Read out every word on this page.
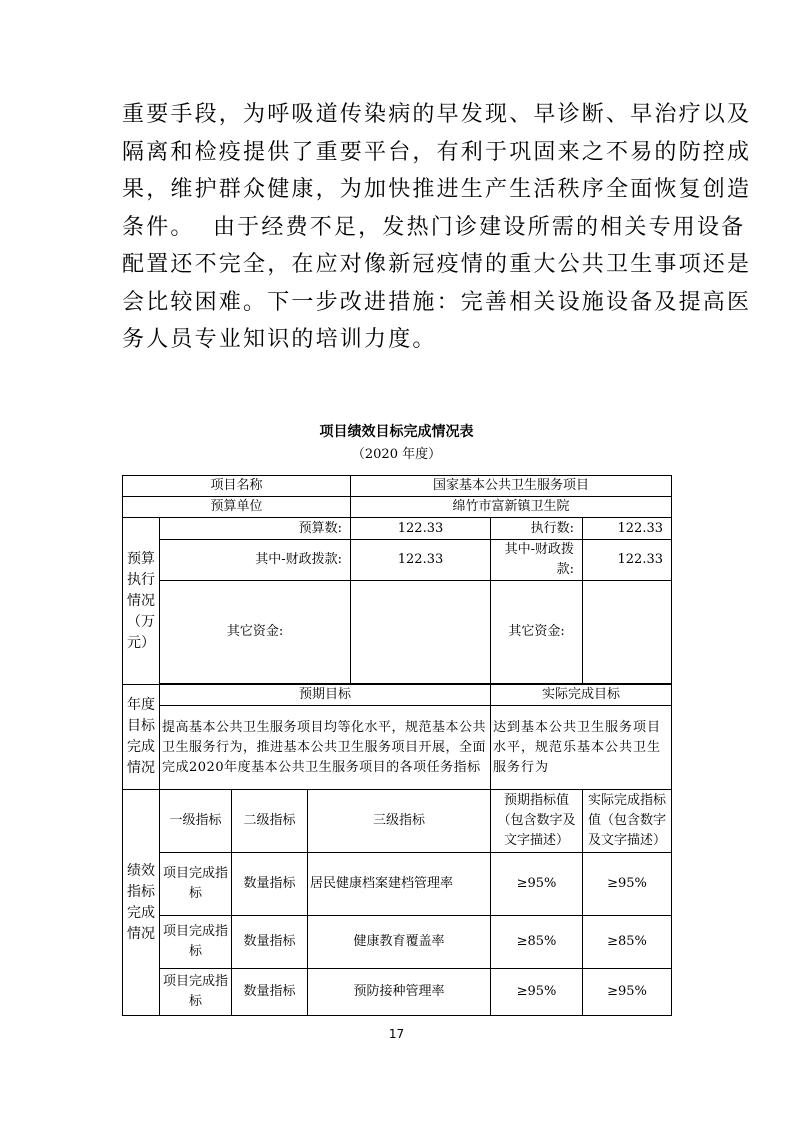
重要手段，为呼吸道传染病的早发现、早诊断、早治疗以及
隔离和检疫提供了重要平台，有利于巩固来之不易的防控成
果，维护群众健康，为加快推进生产生活秩序全面恢复创造
条件。  由于经费不足，发热门诊建设所需的相关专用设备
配置还不完全，在应对像新冠疫情的重大公共卫生事项还是
会比较困难。下一步改进措施：完善相关设施设备及提高医
务人员专业知识的培训力度。
项目绩效目标完成情况表
（2020 年度）
项目名称				国家基本公共卫生服务项目		
预算单位				绵竹市富新镇卫生院		
预算执行情况（万元）	预算数:			122.33	执行数:	122.33
	其中-财政拨款:			122.33	其中-财政拨款:	122.33
	其它资金:				其它资金:	

年度目标完成情况	预期目标				实际完成目标	
	提高基本公共卫生服务项目均等化水平，规范基本公共卫生服务行为，推进基本公共卫生服务项目开展，全面完成2020年度基本公共卫生服务项目的各项任务指标				达到基本公共卫生服务项目水平，规范乐基本公共卫生服务行为	
绩效指标完成情况	一级指标	二级指标	三级指标		预期指标值（包含数字及文字描述）	实际完成指标值（包含数字及文字描述）
	项目完成指标	数量指标	居民健康档案建档管理率		≥95%	≥95%
	项目完成指标	数量指标	健康教育覆盖率		≥85%	≥85%
	项目完成指标	数量指标	预防接种管理率		≥95%	≥95%
17
